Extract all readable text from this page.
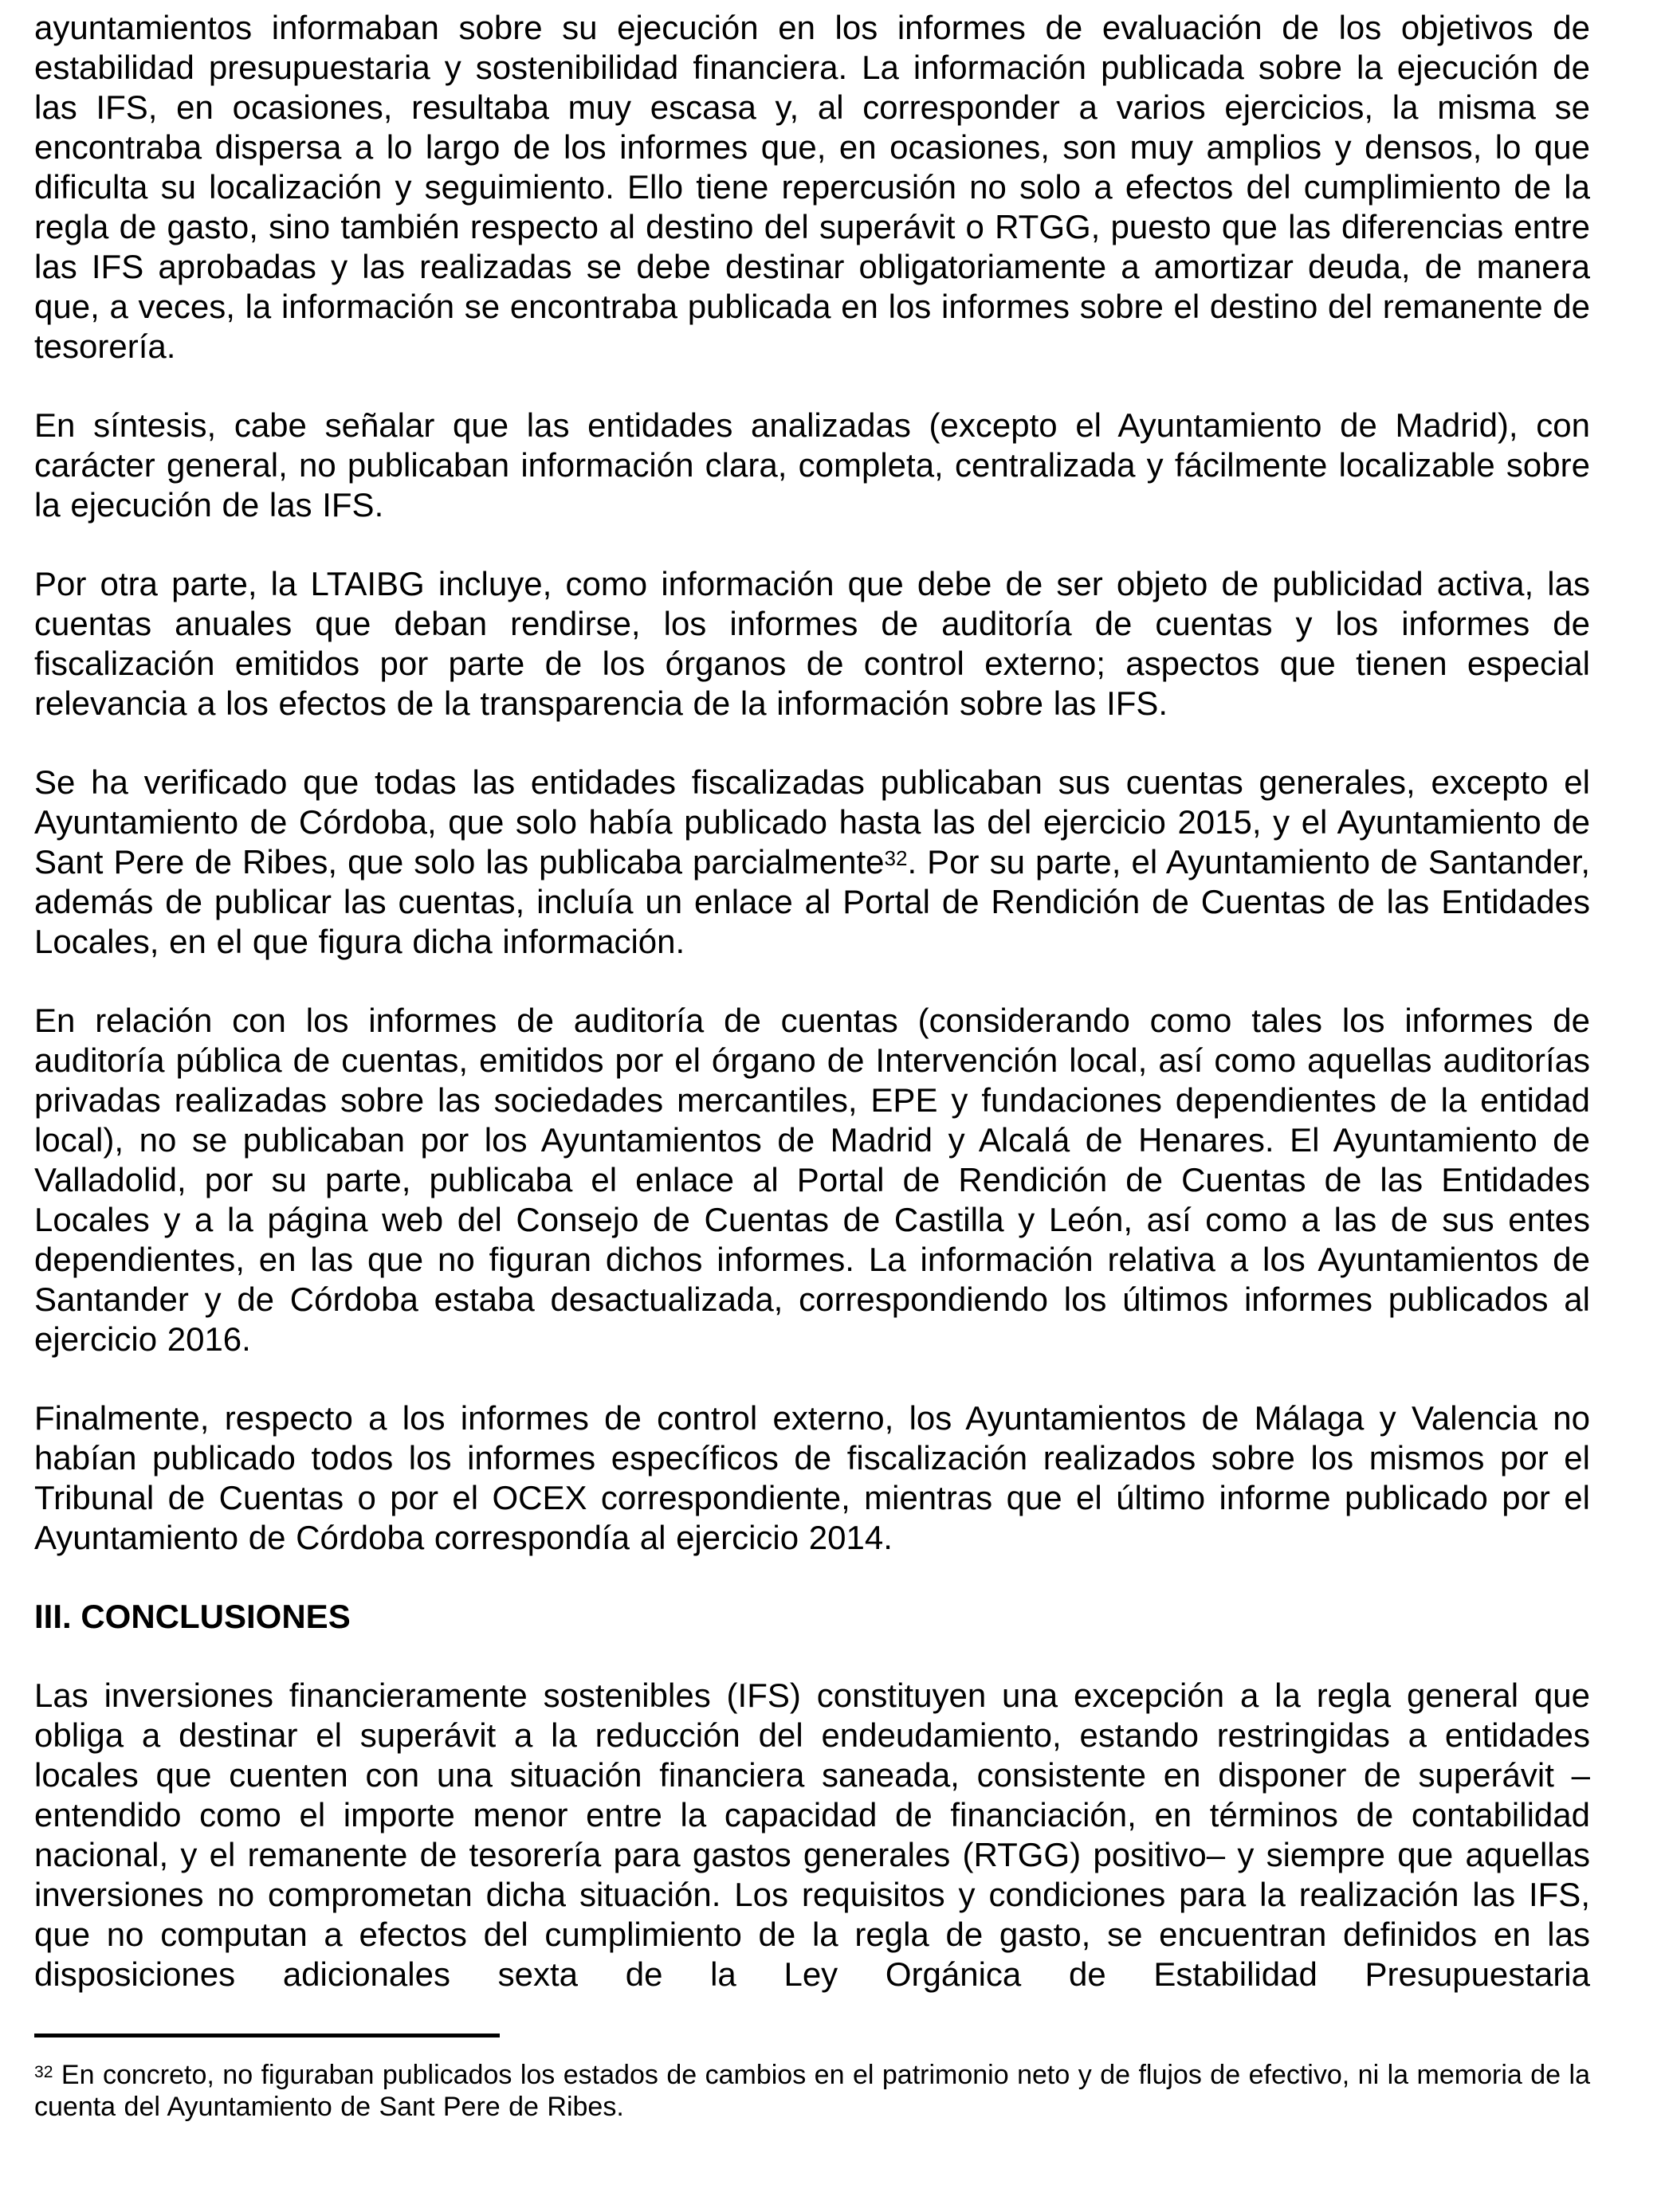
ayuntamientos informaban sobre su ejecución en los informes de evaluación de los objetivos de estabilidad presupuestaria y sostenibilidad financiera. La información publicada sobre la ejecución de las IFS, en ocasiones, resultaba muy escasa y, al corresponder a varios ejercicios, la misma se encontraba dispersa a lo largo de los informes que, en ocasiones, son muy amplios y densos, lo que dificulta su localización y seguimiento. Ello tiene repercusión no solo a efectos del cumplimiento de la regla de gasto, sino también respecto al destino del superávit o RTGG, puesto que las diferencias entre las IFS aprobadas y las realizadas se debe destinar obligatoriamente a amortizar deuda, de manera que, a veces, la información se encontraba publicada en los informes sobre el destino del remanente de tesorería.

En síntesis, cabe señalar que las entidades analizadas (excepto el Ayuntamiento de Madrid), con carácter general, no publicaban información clara, completa, centralizada y fácilmente localizable sobre la ejecución de las IFS.

Por otra parte, la LTAIBG incluye, como información que debe de ser objeto de publicidad activa, las cuentas anuales que deban rendirse, los informes de auditoría de cuentas y los informes de fiscalización emitidos por parte de los órganos de control externo; aspectos que tienen especial relevancia a los efectos de la transparencia de la información sobre las IFS.

Se ha verificado que todas las entidades fiscalizadas publicaban sus cuentas generales, excepto el Ayuntamiento de Córdoba, que solo había publicado hasta las del ejercicio 2015, y el Ayuntamiento de Sant Pere de Ribes, que solo las publicaba parcialmente$^{32}$. Por su parte, el Ayuntamiento de Santander, además de publicar las cuentas, incluía un enlace al Portal de Rendición de Cuentas de las Entidades Locales, en el que figura dicha información.

En relación con los informes de auditoría de cuentas (considerando como tales los informes de auditoría pública de cuentas, emitidos por el órgano de Intervención local, así como aquellas auditorías privadas realizadas sobre las sociedades mercantiles, EPE y fundaciones dependientes de la entidad local), no se publicaban por los Ayuntamientos de Madrid y Alcalá de Henares. El Ayuntamiento de Valladolid, por su parte, publicaba el enlace al Portal de Rendición de Cuentas de las Entidades Locales y a la página web del Consejo de Cuentas de Castilla y León, así como a las de sus entes dependientes, en las que no figuran dichos informes. La información relativa a los Ayuntamientos de Santander y de Córdoba estaba desactualizada, correspondiendo los últimos informes publicados al ejercicio 2016.

Finalmente, respecto a los informes de control externo, los Ayuntamientos de Málaga y Valencia no habían publicado todos los informes específicos de fiscalización realizados sobre los mismos por el Tribunal de Cuentas o por el OCEX correspondiente, mientras que el último informe publicado por el Ayuntamiento de Córdoba correspondía al ejercicio 2014.

III. CONCLUSIONES

Las inversiones financieramente sostenibles (IFS) constituyen una excepción a la regla general que obliga a destinar el superávit a la reducción del endeudamiento, estando restringidas a entidades locales que cuenten con una situación financiera saneada, consistente en disponer de superávit – entendido como el importe menor entre la capacidad de financiación, en términos de contabilidad nacional, y el remanente de tesorería para gastos generales (RTGG) positivo– y siempre que aquellas inversiones no comprometan dicha situación. Los requisitos y condiciones para la realización las IFS, que no computan a efectos del cumplimiento de la regla de gasto, se encuentran definidos en las disposiciones adicionales sexta de la Ley Orgánica de Estabilidad Presupuestaria

$^{32}$ En concreto, no figuraban publicados los estados de cambios en el patrimonio neto y de flujos de efectivo, ni la memoria de la cuenta del Ayuntamiento de Sant Pere de Ribes.
